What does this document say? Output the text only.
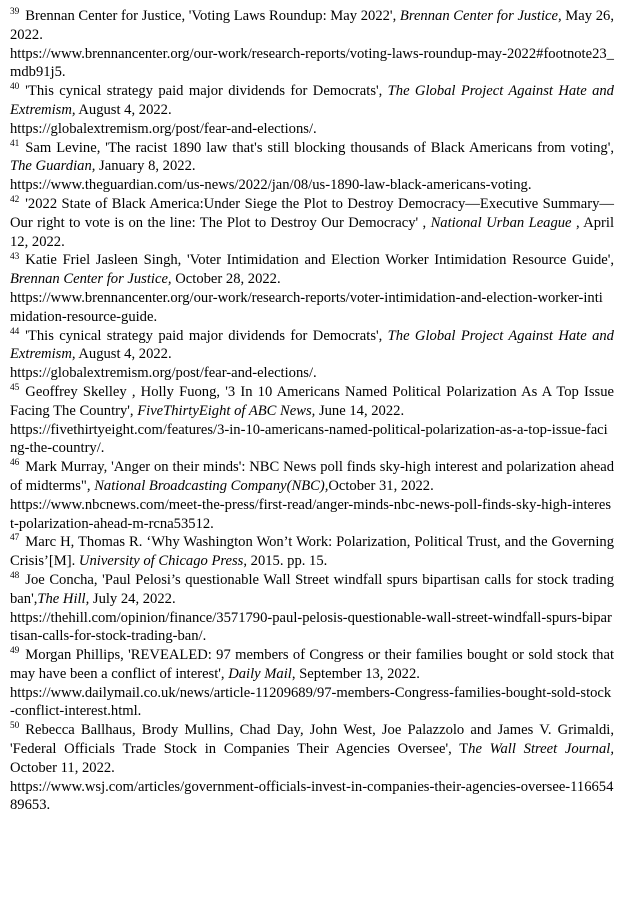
$^{39}$ Brennan Center for Justice, 'Voting Laws Roundup: May 2022', Brennan Center for Justice, May 26, 2022.
https://www.brennancenter.org/our-work/research-reports/voting-laws-roundup-may-2022#footnote23_mdb91j5.
$^{40}$ 'This cynical strategy paid major dividends for Democrats', The Global Project Against Hate and Extremism, August 4, 2022.
https://globalextremism.org/post/fear-and-elections/.
$^{41}$ Sam Levine, 'The racist 1890 law that's still blocking thousands of Black Americans from voting', The Guardian, January 8, 2022.
https://www.theguardian.com/us-news/2022/jan/08/us-1890-law-black-americans-voting.
$^{42}$ '2022 State of Black America:Under Siege the Plot to Destroy Democracy—Executive Summary—Our right to vote is on the line: The Plot to Destroy Our Democracy' , National Urban League , April 12, 2022.
$^{43}$ Katie Friel Jasleen Singh, 'Voter Intimidation and Election Worker Intimidation Resource Guide', Brennan Center for Justice, October 28, 2022.
https://www.brennancenter.org/our-work/research-reports/voter-intimidation-and-election-worker-intimidation-resource-guide.
$^{44}$ 'This cynical strategy paid major dividends for Democrats', The Global Project Against Hate and Extremism, August 4, 2022.
https://globalextremism.org/post/fear-and-elections/.
$^{45}$ Geoffrey Skelley , Holly Fuong, '3 In 10 Americans Named Political Polarization As A Top Issue Facing The Country', FiveThirtyEight of ABC News, June 14, 2022.
https://fivethirtyeight.com/features/3-in-10-americans-named-political-polarization-as-a-top-issue-facing-the-country/.
$^{46}$ Mark Murray, 'Anger on their minds': NBC News poll finds sky-high interest and polarization ahead of midterms", National Broadcasting Company(NBC),October 31, 2022.
https://www.nbcnews.com/meet-the-press/first-read/anger-minds-nbc-news-poll-finds-sky-high-interest-polarization-ahead-m-rcna53512.
$^{47}$ Marc H, Thomas R. ‘Why Washington Won’t Work: Polarization, Political Trust, and the Governing Crisis’[M]. University of Chicago Press, 2015. pp. 15.
$^{48}$ Joe Concha, 'Paul Pelosi’s questionable Wall Street windfall spurs bipartisan calls for stock trading ban',The Hill, July 24, 2022.
https://thehill.com/opinion/finance/3571790-paul-pelosis-questionable-wall-street-windfall-spurs-bipartisan-calls-for-stock-trading-ban/.
$^{49}$ Morgan Phillips, 'REVEALED: 97 members of Congress or their families bought or sold stock that may have been a conflict of interest', Daily Mail, September 13, 2022.
https://www.dailymail.co.uk/news/article-11209689/97-members-Congress-families-bought-sold-stock-conflict-interest.html.
$^{50}$ Rebecca Ballhaus, Brody Mullins, Chad Day, John West, Joe Palazzolo and James V. Grimaldi, 'Federal Officials Trade Stock in Companies Their Agencies Oversee', The Wall Street Journal, October 11, 2022.
https://www.wsj.com/articles/government-officials-invest-in-companies-their-agencies-oversee-11665489653.
